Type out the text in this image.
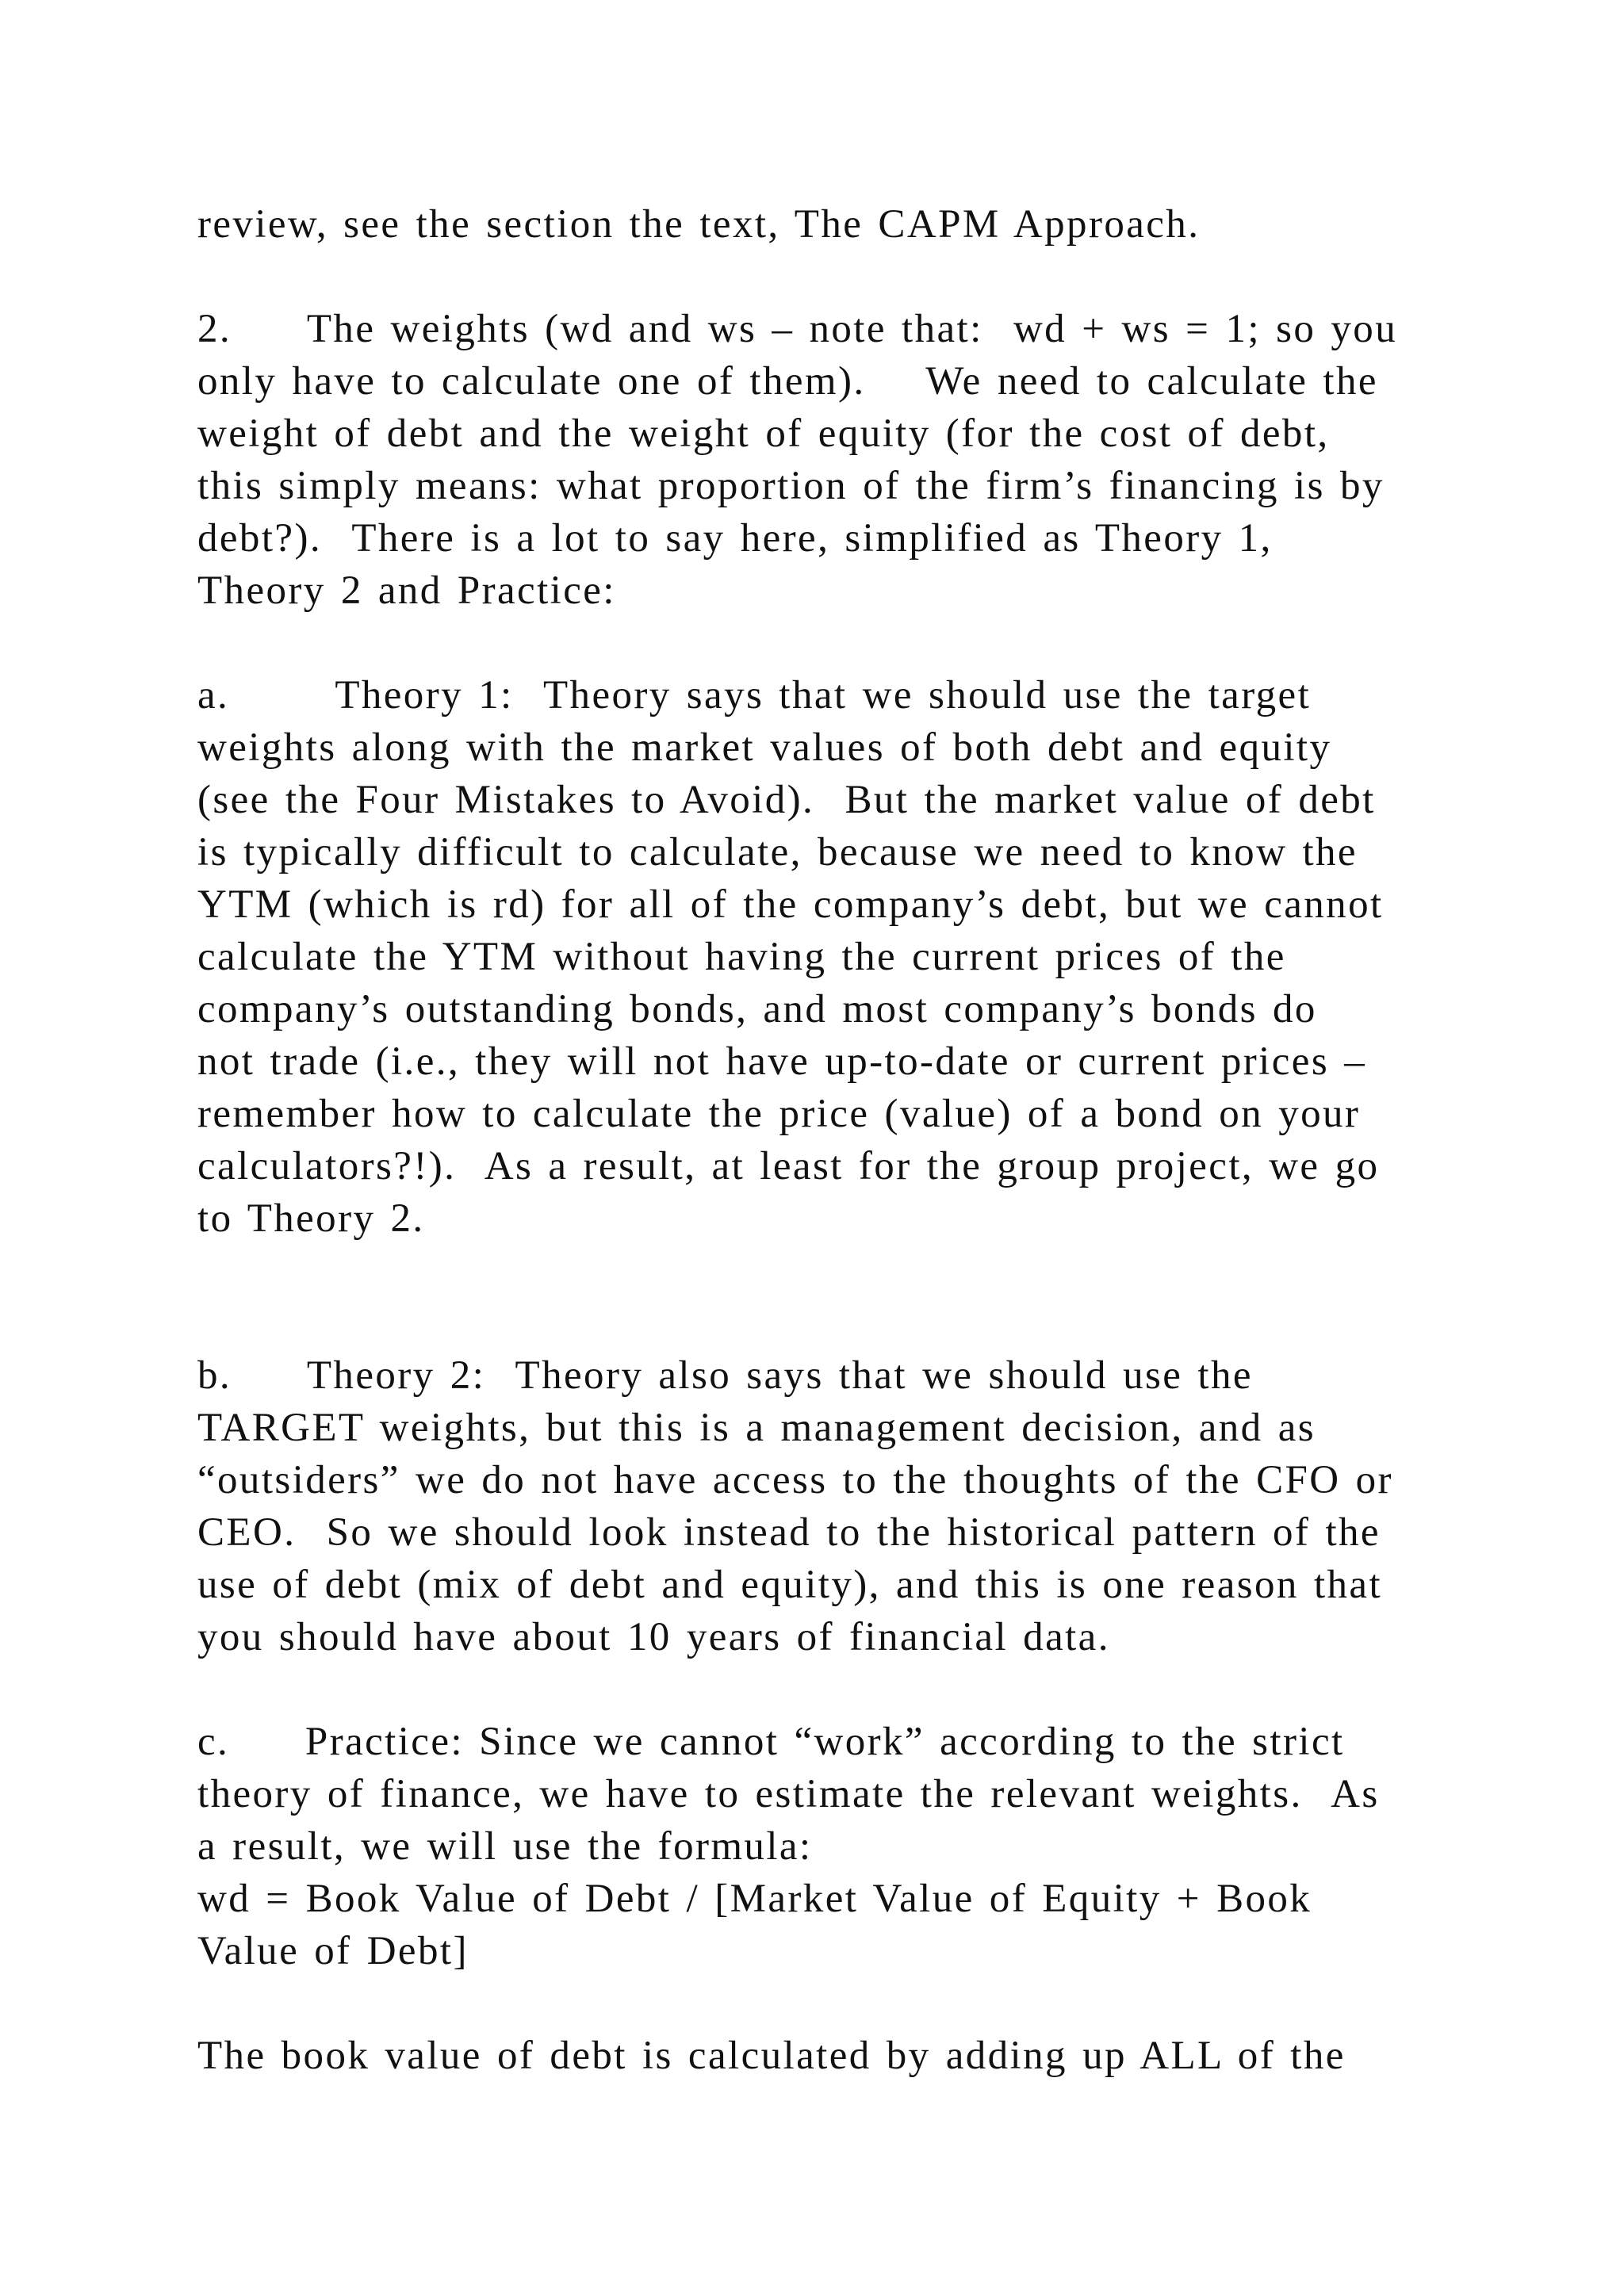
review, see the section the text, The CAPM Approach.
2.     The weights (wd and ws – note that:  wd + ws = 1; so you
only have to calculate one of them).    We need to calculate the
weight of debt and the weight of equity (for the cost of debt,
this simply means: what proportion of the firm’s financing is by
debt?).  There is a lot to say here, simplified as Theory 1,
Theory 2 and Practice:
a.       Theory 1:  Theory says that we should use the target
weights along with the market values of both debt and equity
(see the Four Mistakes to Avoid).  But the market value of debt
is typically difficult to calculate, because we need to know the
YTM (which is rd) for all of the company’s debt, but we cannot
calculate the YTM without having the current prices of the
company’s outstanding bonds, and most company’s bonds do
not trade (i.e., they will not have up-to-date or current prices –
remember how to calculate the price (value) of a bond on your
calculators?!).  As a result, at least for the group project, we go
to Theory 2.
b.     Theory 2:  Theory also says that we should use the
TARGET weights, but this is a management decision, and as
“outsiders” we do not have access to the thoughts of the CFO or
CEO.  So we should look instead to the historical pattern of the
use of debt (mix of debt and equity), and this is one reason that
you should have about 10 years of financial data.
c.     Practice: Since we cannot “work” according to the strict
theory of finance, we have to estimate the relevant weights.  As
a result, we will use the formula:
wd = Book Value of Debt / [Market Value of Equity + Book
Value of Debt]
The book value of debt is calculated by adding up ALL of the
